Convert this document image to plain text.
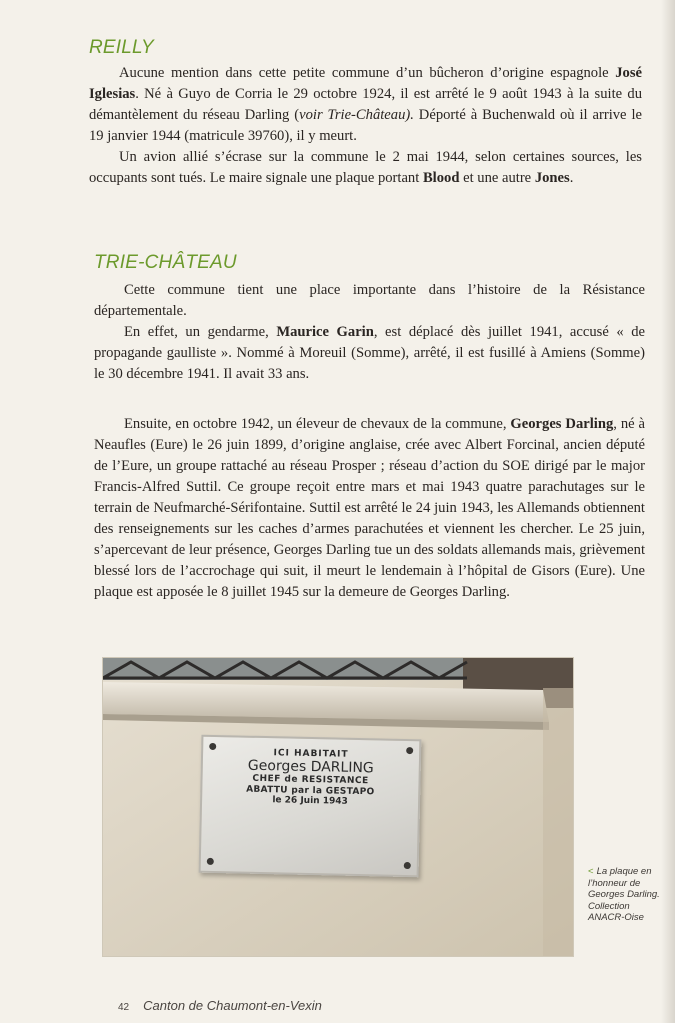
REILLY

Aucune mention dans cette petite commune d’un bûcheron d’origine espagnole José Iglesias. Né à Guyo de Corria le 29 octobre 1924, il est arrêté le 9 août 1943 à la suite du démantèlement du réseau Darling (voir Trie-Château). Déporté à Buchenwald où il arrive le 19 janvier 1944 (matricule 39760), il y meurt.

Un avion allié s’écrase sur la commune le 2 mai 1944, selon certaines sources, les occupants sont tués. Le maire signale une plaque portant Blood et une autre Jones.

TRIE-CHÂTEAU

Cette commune tient une place importante dans l’histoire de la Résistance départementale.

En effet, un gendarme, Maurice Garin, est déplacé dès juillet 1941, accusé « de propagande gaulliste ». Nommé à Moreuil (Somme), arrêté, il est fusillé à Amiens (Somme) le 30 décembre 1941. Il avait 33 ans.

Ensuite, en octobre 1942, un éleveur de chevaux de la commune, Georges Darling, né à Neaufles (Eure) le 26 juin 1899, d’origine anglaise, crée avec Albert Forcinal, ancien député de l’Eure, un groupe rattaché au réseau Prosper ; réseau d’action du SOE dirigé par le major Francis-Alfred Suttil. Ce groupe reçoit entre mars et mai 1943 quatre parachutages sur le terrain de Neufmarché-Sérifontaine. Suttil est arrêté le 24 juin 1943, les Allemands obtiennent des renseignements sur les caches d’armes parachutées et viennent les chercher. Le 25 juin, s’apercevant de leur présence, Georges Darling tue un des soldats allemands mais, grièvement blessé lors de l’accrochage qui suit, il meurt le lendemain à l’hôpital de Gisors (Eure). Une plaque est apposée le 8 juillet 1945 sur la demeure de Georges Darling.

ICI HABITAIT
Georges DARLING
CHEF de RESISTANCE
ABATTU par la GESTAPO
le 26 Juin 1943

< La plaque en l’honneur de Georges Darling. Collection ANACR-Oise

42 Canton de Chaumont-en-Vexin
